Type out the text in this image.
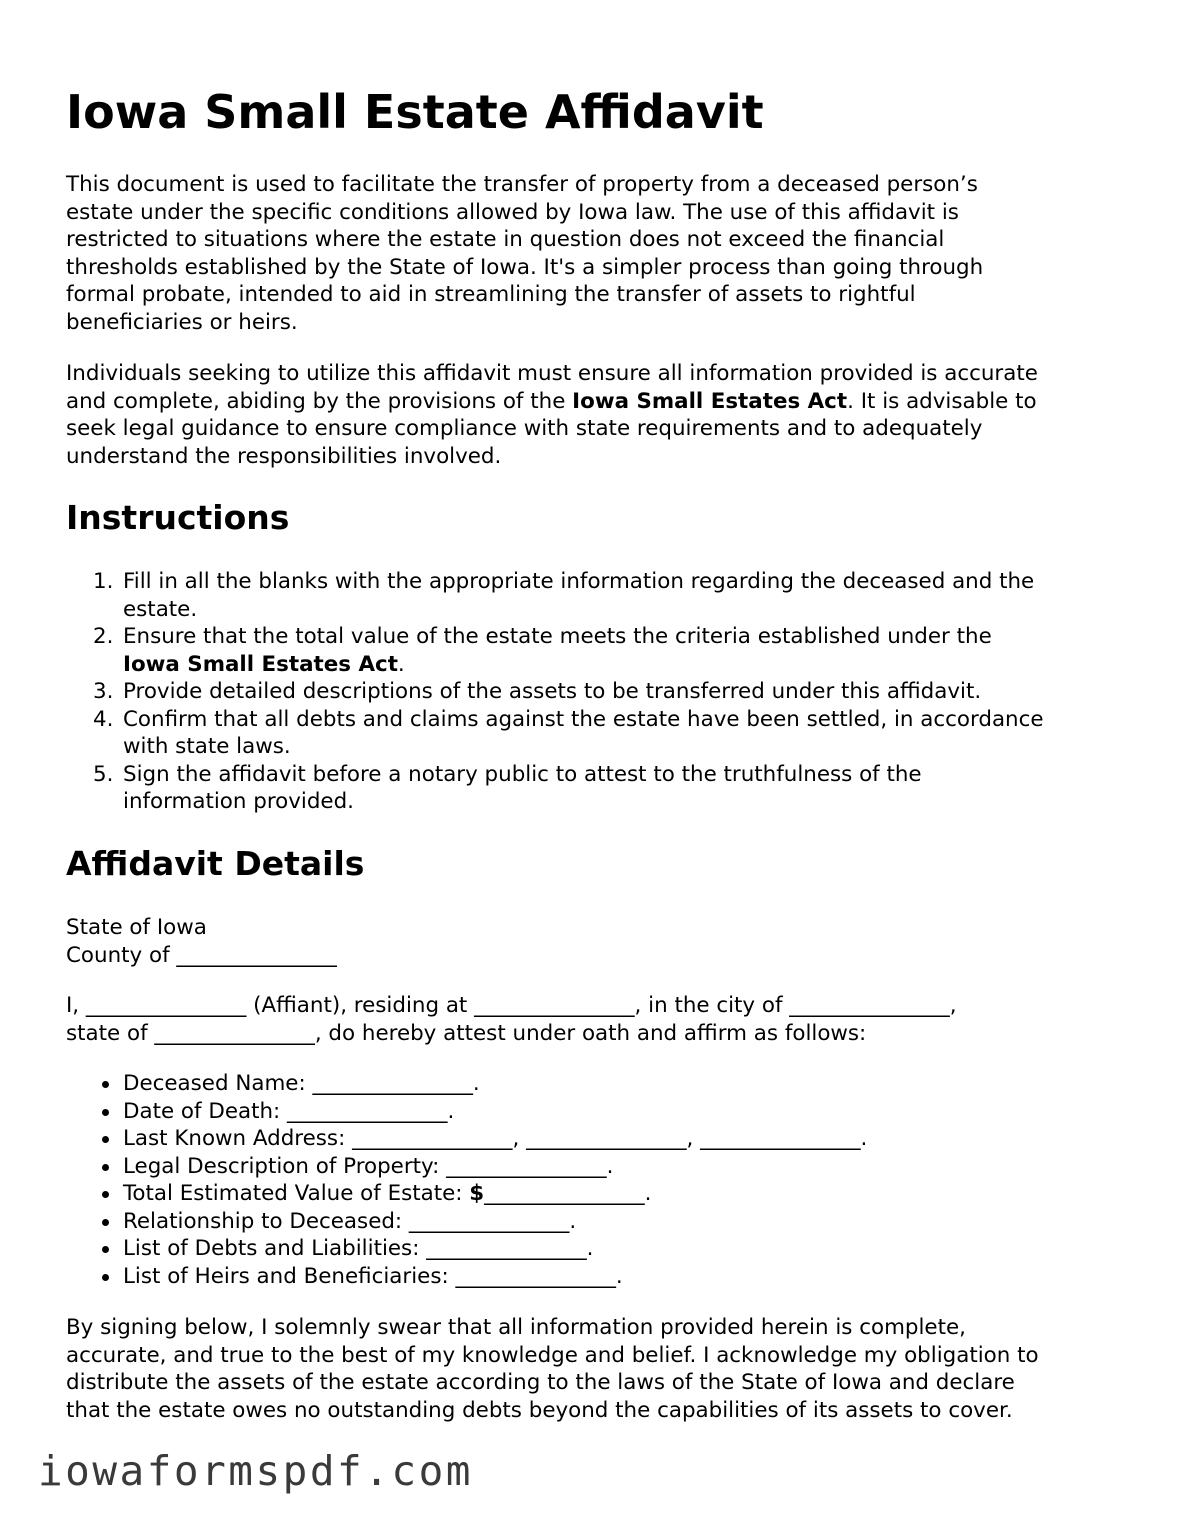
Iowa Small Estate Affidavit
This document is used to facilitate the transfer of property from a deceased person’s
estate under the specific conditions allowed by Iowa law. The use of this affidavit is
restricted to situations where the estate in question does not exceed the financial
thresholds established by the State of Iowa. It's a simpler process than going through
formal probate, intended to aid in streamlining the transfer of assets to rightful
beneficiaries or heirs.
Individuals seeking to utilize this affidavit must ensure all information provided is accurate
and complete, abiding by the provisions of the Iowa Small Estates Act. It is advisable to
seek legal guidance to ensure compliance with state requirements and to adequately
understand the responsibilities involved.
Instructions
1. Fill in all the blanks with the appropriate information regarding the deceased and the
estate.
2. Ensure that the total value of the estate meets the criteria established under the
Iowa Small Estates Act.
3. Provide detailed descriptions of the assets to be transferred under this affidavit.
4. Confirm that all debts and claims against the estate have been settled, in accordance
with state laws.
5. Sign the affidavit before a notary public to attest to the truthfulness of the
information provided.
Affidavit Details
State of Iowa
County of _______________
I, _______________ (Affiant), residing at _______________, in the city of _______________,
state of _______________, do hereby attest under oath and affirm as follows:
Deceased Name: _______________.
Date of Death: _______________.
Last Known Address: _______________, _______________, _______________.
Legal Description of Property: _______________.
Total Estimated Value of Estate: $_______________.
Relationship to Deceased: _______________.
List of Debts and Liabilities: _______________.
List of Heirs and Beneficiaries: _______________.
By signing below, I solemnly swear that all information provided herein is complete,
accurate, and true to the best of my knowledge and belief. I acknowledge my obligation to
distribute the assets of the estate according to the laws of the State of Iowa and declare
that the estate owes no outstanding debts beyond the capabilities of its assets to cover.
iowaformspdf.com
